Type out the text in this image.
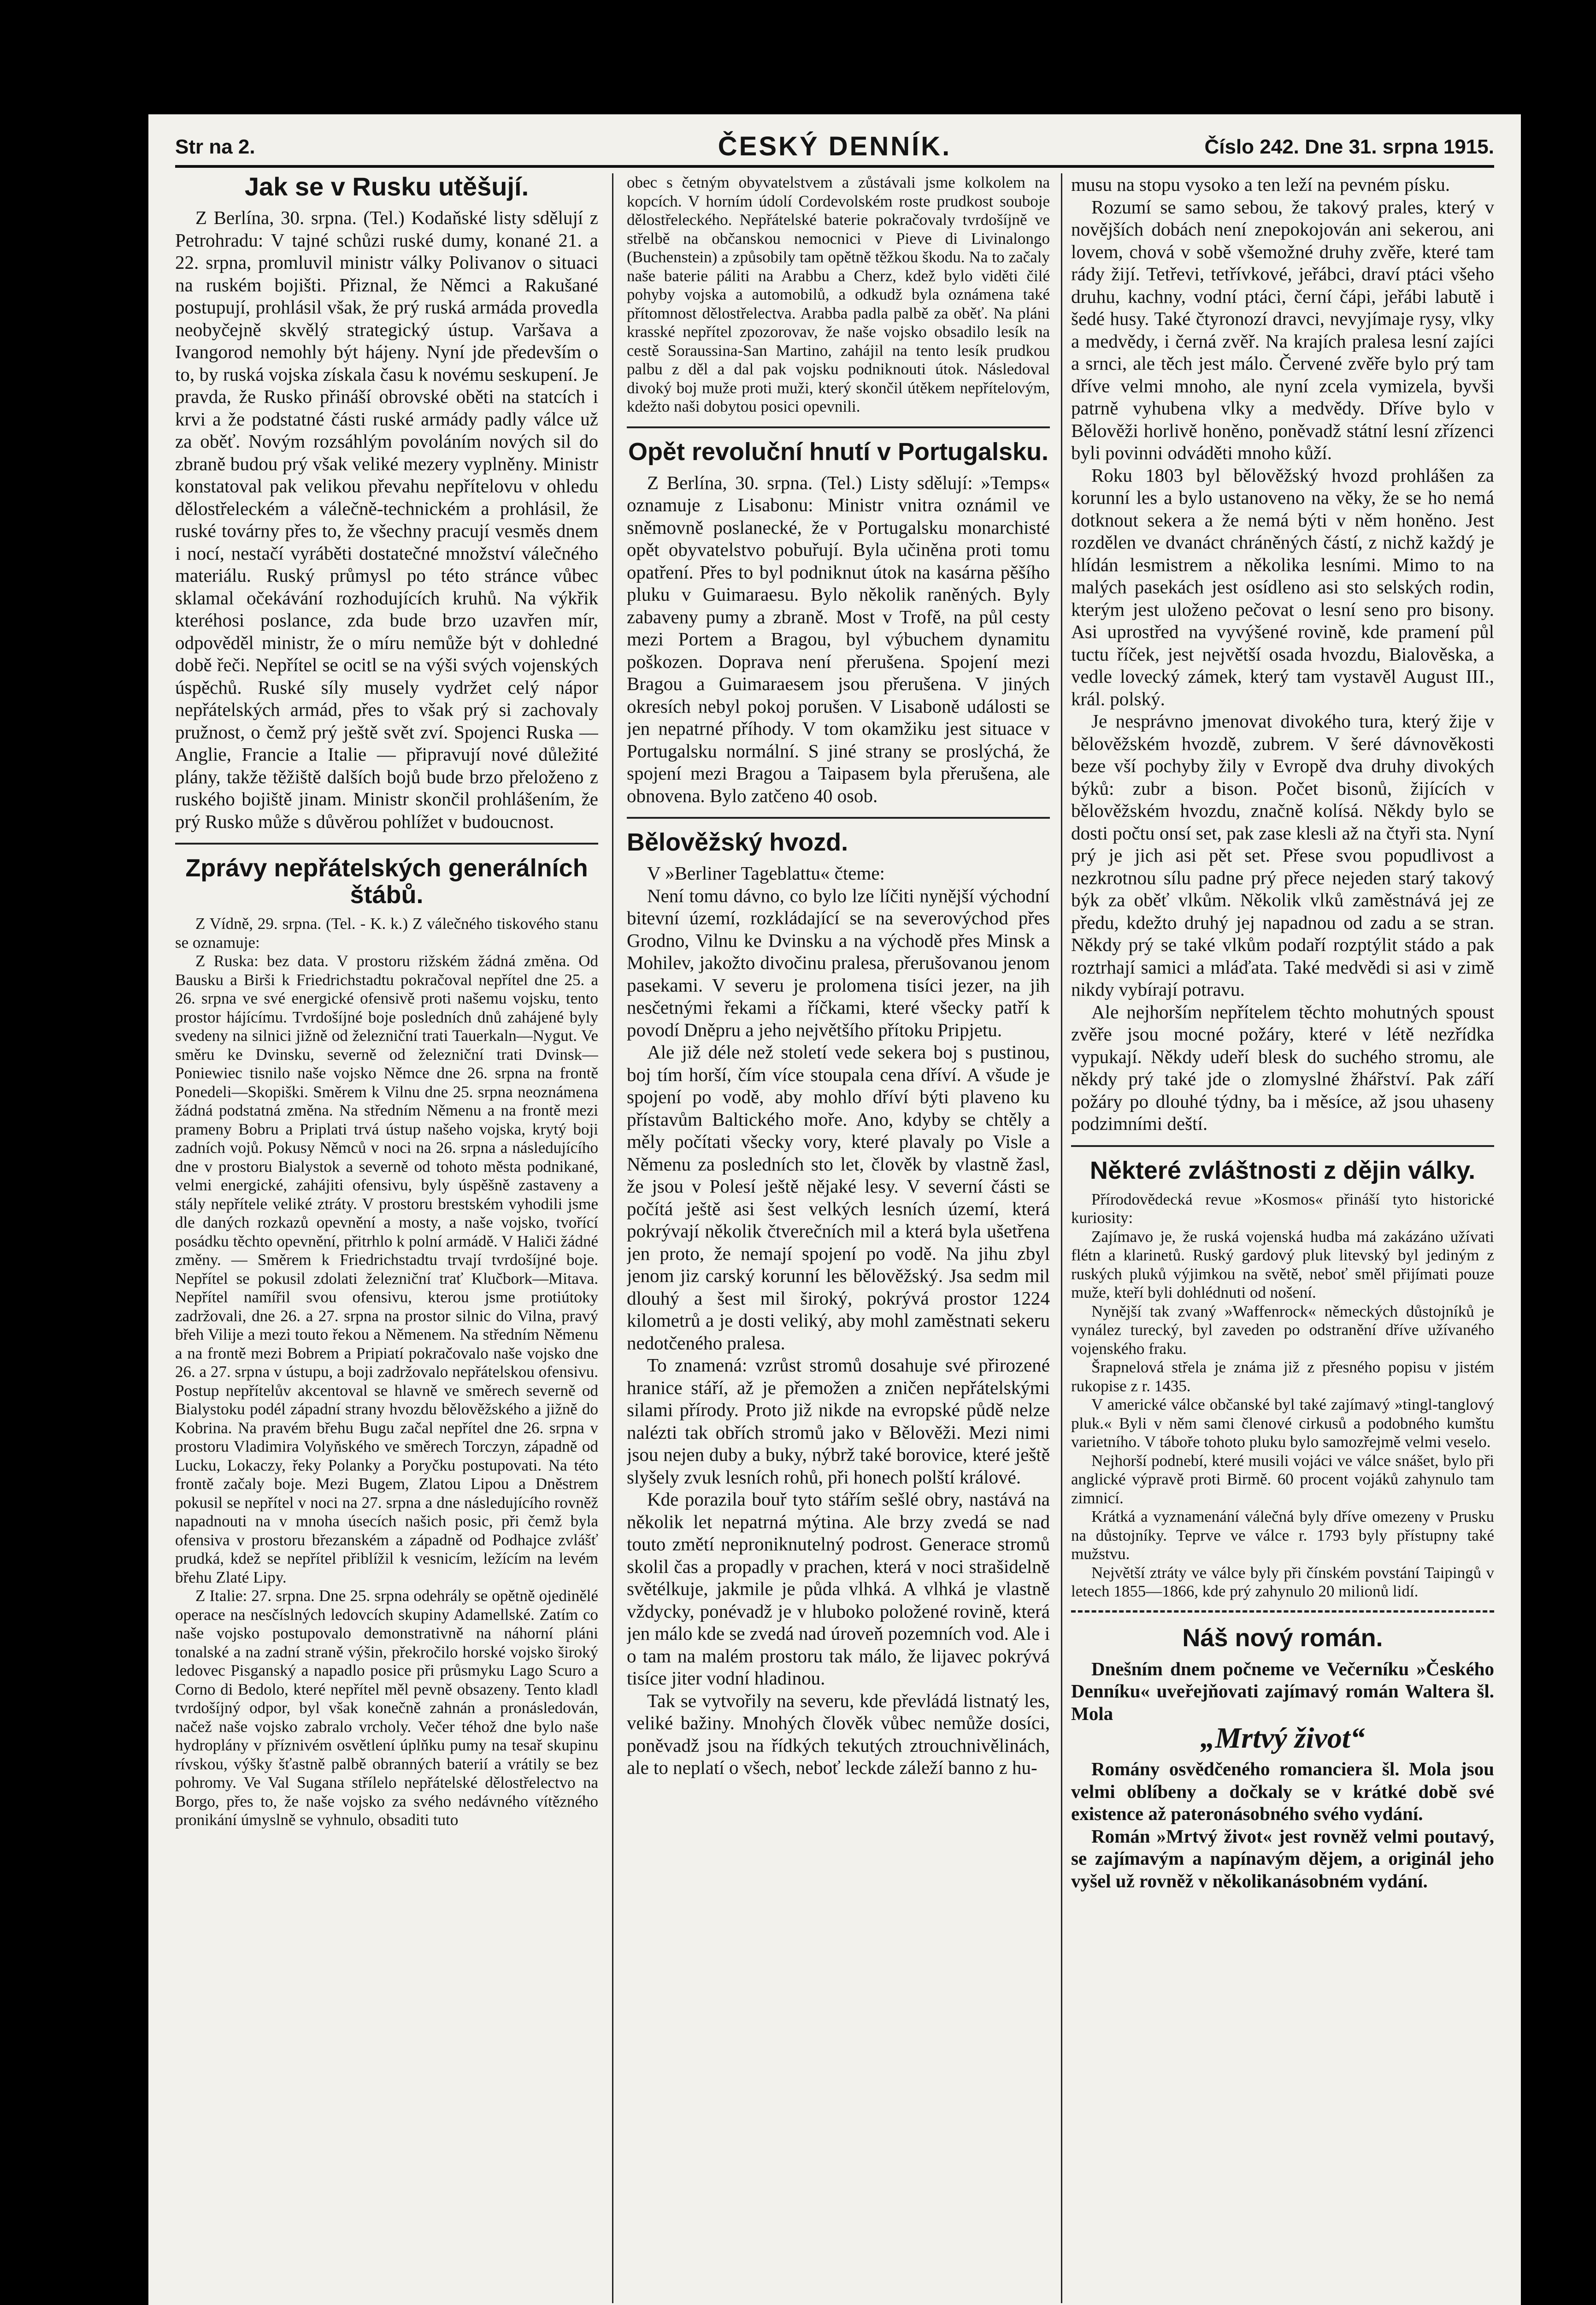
Str na 2.	ČESKÝ DENNÍK.	Číslo 242. Dne 31. srpna 1915.
Jak se v Rusku utěšují.

Z Berlína, 30. srpna. (Tel.) Kodaňské listy sdělují z Petrohradu: V tajné schůzi ruské dumy, konané 21. a 22. srpna, promluvil ministr války Polivanov o situaci na ruském bojišti. Přiznal, že Němci a Rakušané postupují, prohlásil však, že prý ruská armáda provedla neobyčejně skvělý strategický ústup. Varšava a Ivangorod nemohly být hájeny. Nyní jde především o to, by ruská vojska získala času k novému seskupení. Je pravda, že Rusko přináší obrovské oběti na statcích i krvi a že podstatné části ruské armády padly válce už za oběť. Novým rozsáhlým povoláním nových sil do zbraně budou prý však veliké mezery vyplněny. Ministr konstatoval pak velikou převahu nepřítelovu v ohledu dělostřeleckém a válečně-technickém a prohlásil, že ruské továrny přes to, že všechny pracují vesměs dnem i nocí, nestačí vyráběti dostatečné množství válečného materiálu. Ruský průmysl po této stránce vůbec sklamal očekávání rozhodujících kruhů. Na výkřik kteréhosi poslance, zda bude brzo uzavřen mír, odpověděl ministr, že o míru nemůže být v dohledné době řeči. Nepřítel se ocitl se na výši svých vojenských úspěchů. Ruské síly musely vydržet celý nápor nepřátelských armád, přes to však prý si zachovaly pružnost, o čemž prý ještě svět zví. Spojenci Ruska — Anglie, Francie a Italie — připravují nové důležité plány, takže těžiště dalších bojů bude brzo přeloženo z ruského bojiště jinam. Ministr skončil prohlášením, že prý Rusko může s důvěrou pohlížet v budoucnost.

Zprávy nepřátelských generálních štábů.

Z Vídně, 29. srpna. (Tel. - K. k.) Z válečného tiskového stanu se oznamuje:

Z Ruska: bez data. V prostoru rižském žádná změna. Od Bausku a Birši k Friedrichstadtu pokračoval nepřítel dne 25. a 26. srpna ve své energické ofensivě proti našemu vojsku, tento prostor hájícímu. Tvrdošíjné boje posledních dnů zahájené byly svedeny na silnici jižně od železniční trati Tauerkaln—Nygut. Ve směru ke Dvinsku, severně od železniční trati Dvinsk—Poniewiec tisnilo naše vojsko Němce dne 26. srpna na frontě Ponedeli—Skopiški. Směrem k Vilnu dne 25. srpna neoznámena žádná podstatná změna. Na středním Němenu a na frontě mezi prameny Bobru a Priplati trvá ústup našeho vojska, krytý boji zadních vojů. Pokusy Němců v noci na 26. srpna a následujícího dne v prostoru Bialystok a severně od tohoto města podnikané, velmi energické, zahájiti ofensivu, byly úspěšně zastaveny a stály nepřítele veliké ztráty. V prostoru brestském vyhodili jsme dle daných rozkazů opevnění a mosty, a naše vojsko, tvořící posádku těchto opevnění, přitrhlo k polní armádě. V Haliči žádné změny. — Směrem k Friedrichstadtu trvají tvrdošíjné boje. Nepřítel se pokusil zdolati železniční trať Klučbork—Mitava. Nepřítel namířil svou ofensivu, kterou jsme protiútoky zadržovali, dne 26. a 27. srpna na prostor silnic do Vilna, pravý břeh Vilije a mezi touto řekou a Němenem. Na středním Němenu a na frontě mezi Bobrem a Pripiatí pokračovalo naše vojsko dne 26. a 27. srpna v ústupu, a boji zadržovalo nepřátelskou ofensivu. Postup nepřítelův akcentoval se hlavně ve směrech severně od Bialystoku podél západní strany hvozdu bělověžského a jižně do Kobrina. Na pravém břehu Bugu začal nepřítel dne 26. srpna v prostoru Vladimira Volyňského ve směrech Torczyn, západně od Lucku, Lokaczy, řeky Polanky a Poryčku postupovati. Na této frontě začaly boje. Mezi Bugem, Zlatou Lipou a Dněstrem pokusil se nepřítel v noci na 27. srpna a dne následujícího rovněž napadnouti na v mnoha úsecích našich posic, při čemž byla ofensiva v prostoru březanském a západně od Podhajce zvlášť prudká, kdež se nepřítel přiblížil k vesnicím, ležícím na levém břehu Zlaté Lipy.

Z Italie: 27. srpna. Dne 25. srpna odehrály se opětně ojedinělé operace na nesčíslných ledovcích skupiny Adamellské. Zatím co naše vojsko postupovalo demonstrativně na náhorní pláni tonalské a na zadní straně výšin, překročilo horské vojsko široký ledovec Pisganský a napadlo posice při průsmyku Lago Scuro a Corno di Bedolo, které nepřítel měl pevně obsazeny. Tento kladl tvrdošíjný odpor, byl však konečně zahnán a pronásledován, načež naše vojsko zabralo vrcholy. Večer téhož dne bylo naše hydroplány v příznivém osvětlení úplňku pumy na tesař skupinu rívskou, výšky šťastně palbě obranných baterií a vrátily se bez pohromy. Ve Val Sugana střílelo nepřátelské dělostřelectvo na Borgo, přes to, že naše vojsko za svého nedávného vítězného pronikání úmyslně se vyhnulo, obsaditi tuto

obec s četným obyvatelstvem a zůstávali jsme kolkolem na kopcích. V horním údolí Cordevolském roste prudkost souboje dělostřeleckého. Nepřátelské baterie pokračovaly tvrdošíjně ve střelbě na občanskou nemocnici v Pieve di Livinalongo (Buchenstein) a způsobily tam opětně těžkou škodu. Na to začaly naše baterie páliti na Arabbu a Cherz, kdež bylo viděti čilé pohyby vojska a automobilů, a odkudž byla oznámena také přítomnost dělostřelectva. Arabba padla palbě za oběť. Na pláni krasské nepřítel zpozorovav, že naše vojsko obsadilo lesík na cestě Soraussina-San Martino, zahájil na tento lesík prudkou palbu z děl a dal pak vojsku podniknouti útok. Následoval divoký boj muže proti muži, který skončil útěkem nepřítelovým, kdežto naši dobytou posici opevnili.

Opět revoluční hnutí v Portugalsku.

Z Berlína, 30. srpna. (Tel.) Listy sdělují: »Temps« oznamuje z Lisabonu: Ministr vnitra oznámil ve sněmovně poslanecké, že v Portugalsku monarchisté opět obyvatelstvo pobuřují. Byla učiněna proti tomu opatření. Přes to byl podniknut útok na kasárna pěšího pluku v Guimaraesu. Bylo několik raněných. Byly zabaveny pumy a zbraně. Most v Trofě, na půl cesty mezi Portem a Bragou, byl výbuchem dynamitu poškozen. Doprava není přerušena. Spojení mezi Bragou a Guimaraesem jsou přerušena. V jiných okresích nebyl pokoj porušen. V Lisaboně události se jen nepatrné příhody. V tom okamžiku jest situace v Portugalsku normální. S jiné strany se proslýchá, že spojení mezi Bragou a Taipasem byla přerušena, ale obnovena. Bylo zatčeno 40 osob.

Bělověžský hvozd.

V »Berliner Tageblattu« čteme:

Není tomu dávno, co bylo lze líčiti nynější východní bitevní území, rozkládající se na severovýchod přes Grodno, Vilnu ke Dvinsku a na východě přes Minsk a Mohilev, jakožto divočinu pralesa, přerušovanou jenom pasekami. V severu je prolomena tisíci jezer, na jih nesčetnými řekami a říčkami, které všecky patří k povodí Dněpru a jeho největšího přítoku Pripjetu.

Ale již déle než století vede sekera boj s pustinou, boj tím horší, čím více stoupala cena dříví. A všude je spojení po vodě, aby mohlo dříví býti plaveno ku přístavům Baltického moře. Ano, kdyby se chtěly a měly počítati všecky vory, které plavaly po Visle a Němenu za posledních sto let, člověk by vlastně žasl, že jsou v Polesí ještě nějaké lesy. V severní části se počítá ještě asi šest velkých lesních území, která pokrývají několik čtverečních mil a která byla ušetřena jen proto, že nemají spojení po vodě. Na jihu zbyl jenom jiz carský korunní les bělověžský. Jsa sedm mil dlouhý a šest mil široký, pokrývá prostor 1224 kilometrů a je dosti veliký, aby mohl zaměstnati sekeru nedotčeného pralesa.

To znamená: vzrůst stromů dosahuje své přirozené hranice stáří, až je přemožen a zničen nepřátelskými silami přírody. Proto již nikde na evropské půdě nelze nalézti tak obřích stromů jako v Bělověži. Mezi nimi jsou nejen duby a buky, nýbrž také borovice, které ještě slyšely zvuk lesních rohů, při honech polští králové.

Kde porazila bouř tyto stářím sešlé obry, nastává na několik let nepatrná mýtina. Ale brzy zvedá se nad touto změtí neproniknutelný podrost. Generace stromů skolil čas a propadly v prachen, která v noci strašidelně světélkuje, jakmile je půda vlhká. A vlhká je vlastně vždycky, ponévadž je v hluboko položené rovině, která jen málo kde se zvedá nad úroveň pozemních vod. Ale i o tam na malém prostoru tak málo, že lijavec pokrývá tisíce jiter vodní hladinou.

Tak se vytvořily na severu, kde převládá listnatý les, veliké bažiny. Mnohých člověk vůbec nemůže dosíci, poněvadž jsou na řídkých tekutých ztrouchnivělinách, ale to neplatí o všech, neboť leckde záleží banno z hu-

musu na stopu vysoko a ten leží na pevném písku.

Rozumí se samo sebou, že takový prales, který v novějších dobách není znepokojován ani sekerou, ani lovem, chová v sobě všemožné druhy zvěře, které tam rády žijí. Tetřevi, tetřívkové, jeřábci, draví ptáci všeho druhu, kachny, vodní ptáci, černí čápi, jeřábi labutě i šedé husy. Také čtyronozí dravci, nevyjímaje rysy, vlky a medvědy, i černá zvěř. Na krajích pralesa lesní zajíci a srnci, ale těch jest málo. Červené zvěře bylo prý tam dříve velmi mnoho, ale nyní zcela vymizela, byvši patrně vyhubena vlky a medvědy. Dříve bylo v Bělověži horlivě honěno, poněvadž státní lesní zřízenci byli povinni odváděti mnoho kůží.

Roku 1803 byl bělověžský hvozd prohlášen za korunní les a bylo ustanoveno na věky, že se ho nemá dotknout sekera a že nemá býti v něm honěno. Jest rozdělen ve dvanáct chráněných částí, z nichž každý je hlídán lesmistrem a několika lesními. Mimo to na malých pasekách jest osídleno asi sto selských rodin, kterým jest uloženo pečovat o lesní seno pro bisony. Asi uprostřed na vyvýšené rovině, kde pramení půl tuctu říček, jest největší osada hvozdu, Bialověska, a vedle lovecký zámek, který tam vystavěl August III., král. polský.

Je nesprávno jmenovat divokého tura, který žije v bělověžském hvozdě, zubrem. V šeré dávnověkosti beze vší pochyby žily v Evropě dva druhy divokých býků: zubr a bison. Počet bisonů, žijících v bělověžském hvozdu, značně kolísá. Někdy bylo se dosti počtu onsí set, pak zase klesli až na čtyři sta. Nyní prý je jich asi pět set. Přese svou popudlivost a nezkrotnou sílu padne prý přece nejeden starý takový býk za oběť vlkům. Několik vlků zaměstnává jej ze předu, kdežto druhý jej napadnou od zadu a se stran. Někdy prý se také vlkům podaří rozptýlit stádo a pak roztrhají samici a mláďata. Také medvědi si asi v zimě nikdy vybírají potravu.

Ale nejhorším nepřítelem těchto mohutných spoust zvěře jsou mocné požáry, které v létě nezřídka vypukají. Někdy udeří blesk do suchého stromu, ale někdy prý také jde o zlomyslné žhářství. Pak září požáry po dlouhé týdny, ba i měsíce, až jsou uhaseny podzimními deští.

Některé zvláštnosti z dějin války.

Přírodovědecká revue »Kosmos« přináší tyto historické kuriosity:

Zajímavo je, že ruská vojenská hudba má zakázáno užívati flétn a klarinetů. Ruský gardový pluk litevský byl jediným z ruských pluků výjimkou na světě, neboť směl přijímati pouze muže, kteří byli dohlédnuti od nošení.

Nynější tak zvaný »Waffenrock« německých důstojníků je vynález turecký, byl zaveden po odstranění dříve užívaného vojenského fraku.

Šrapnelová střela je známa již z přesného popisu v jistém rukopise z r. 1435.

V americké válce občanské byl také zajímavý »tingl-tanglový pluk.« Byli v něm sami členové cirkusů a podobného kumštu varietního. V táboře tohoto pluku bylo samozřejmě velmi veselo.

Nejhorší podnebí, které musili vojáci ve válce snášet, bylo při anglické výpravě proti Birmě. 60 procent vojáků zahynulo tam zimnicí.

Krátká a vyznamenání válečná byly dříve omezeny v Prusku na důstojníky. Teprve ve válce r. 1793 byly přístupny také mužstvu.

Největší ztráty ve válce byly při čínském povstání Taipingů v letech 1855—1866, kde prý zahynulo 20 milionů lidí.

Náš nový román.

Dnešním dnem počneme ve Večerníku »Českého Denníku« uveřejňovati zajímavý román Waltera šl. Mola

„Mrtvý život“

Romány osvědčeného romanciera šl. Mola jsou velmi oblíbeny a dočkaly se v krátké době své existence až pateronásobného svého vydání.

Román »Mrtvý život« jest rovněž velmi poutavý, se zajímavým a napínavým dějem, a originál jeho vyšel už rovněž v několikanásobném vydání.
